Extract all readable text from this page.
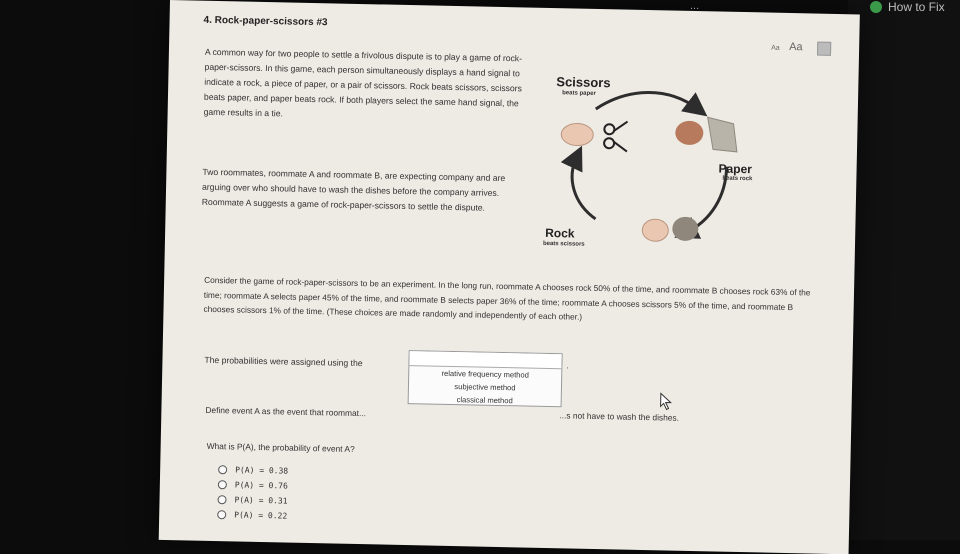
4. Rock-paper-scissors #3
Aa Aa
A common way for two people to settle a frivolous dispute is to play a game of rock-paper-scissors. In this game, each person simultaneously displays a hand signal to indicate a rock, a piece of paper, or a pair of scissors. Rock beats scissors, scissors beats paper, and paper beats rock. If both players select the same hand signal, the game results in a tie.
Two roommates, roommate A and roommate B, are expecting company and are arguing over who should have to wash the dishes before the company arrives. Roommate A suggests a game of rock-paper-scissors to settle the dispute.
Scissors
beats paper
Paper
beats rock
Rock
beats scissors
Consider the game of rock-paper-scissors to be an experiment. In the long run, roommate A chooses rock 50% of the time, and roommate B chooses rock 63% of the time; roommate A selects paper 45% of the time, and roommate B selects paper 36% of the time; roommate A chooses scissors 5% of the time, and roommate B chooses scissors 1% of the time. (These choices are made randomly and independently of each other.)
The probabilities were assigned using the
relative frequency method
subjective method
classical method
.
Define event A as the event that roommat...	...s not have to wash the dishes.
What is P(A), the probability of event A?
P(A) = 0.38
P(A) = 0.76
P(A) = 0.31
P(A) = 0.22
...	How to Fix
